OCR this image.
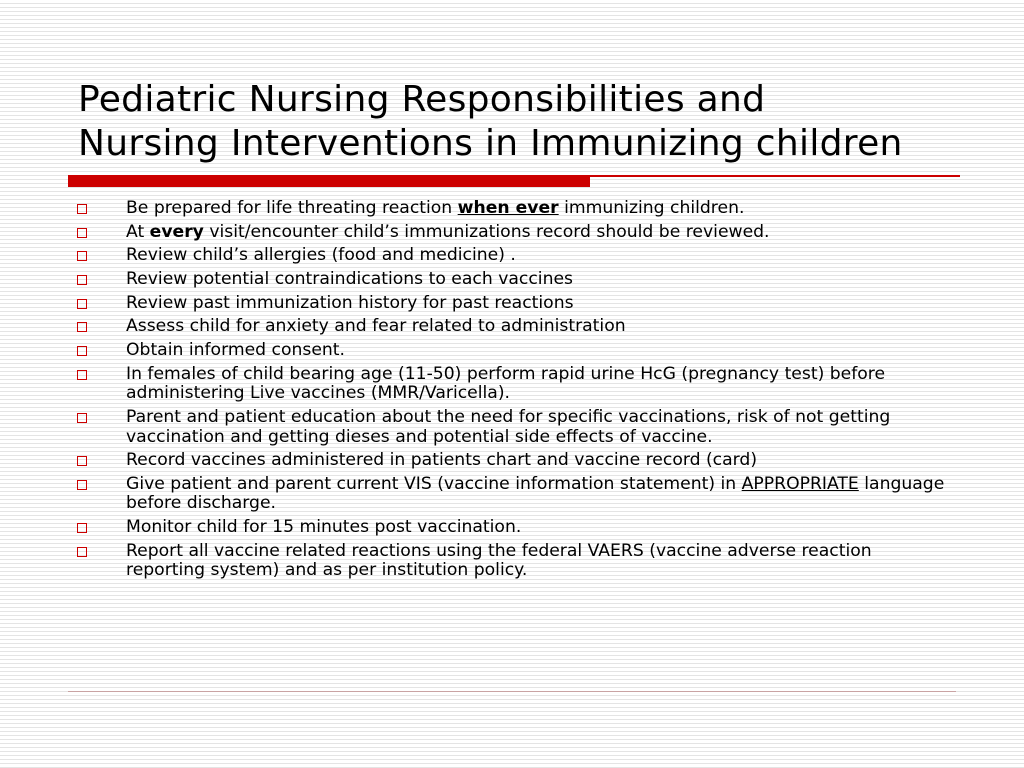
Pediatric Nursing Responsibilities and
Nursing Interventions in Immunizing children
Be prepared for life threating reaction when ever immunizing children.
At every visit/encounter child’s immunizations record should be reviewed.
Review child’s allergies (food and medicine) .
Review potential contraindications to each vaccines
Review past immunization history for past reactions
Assess child for anxiety and fear related to administration
Obtain informed consent.
In females of child bearing age (11-50) perform rapid urine HcG (pregnancy test) before administering Live vaccines (MMR/Varicella).
Parent and patient education about the need for specific vaccinations, risk of not getting vaccination and getting dieses and potential side effects of vaccine.
Record vaccines administered in patients chart and vaccine record (card)
Give patient and parent current VIS (vaccine information statement) in APPROPRIATE language before discharge.
Monitor child for 15 minutes post vaccination.
Report all vaccine related reactions using the federal VAERS (vaccine adverse reaction reporting system) and as per institution policy.
